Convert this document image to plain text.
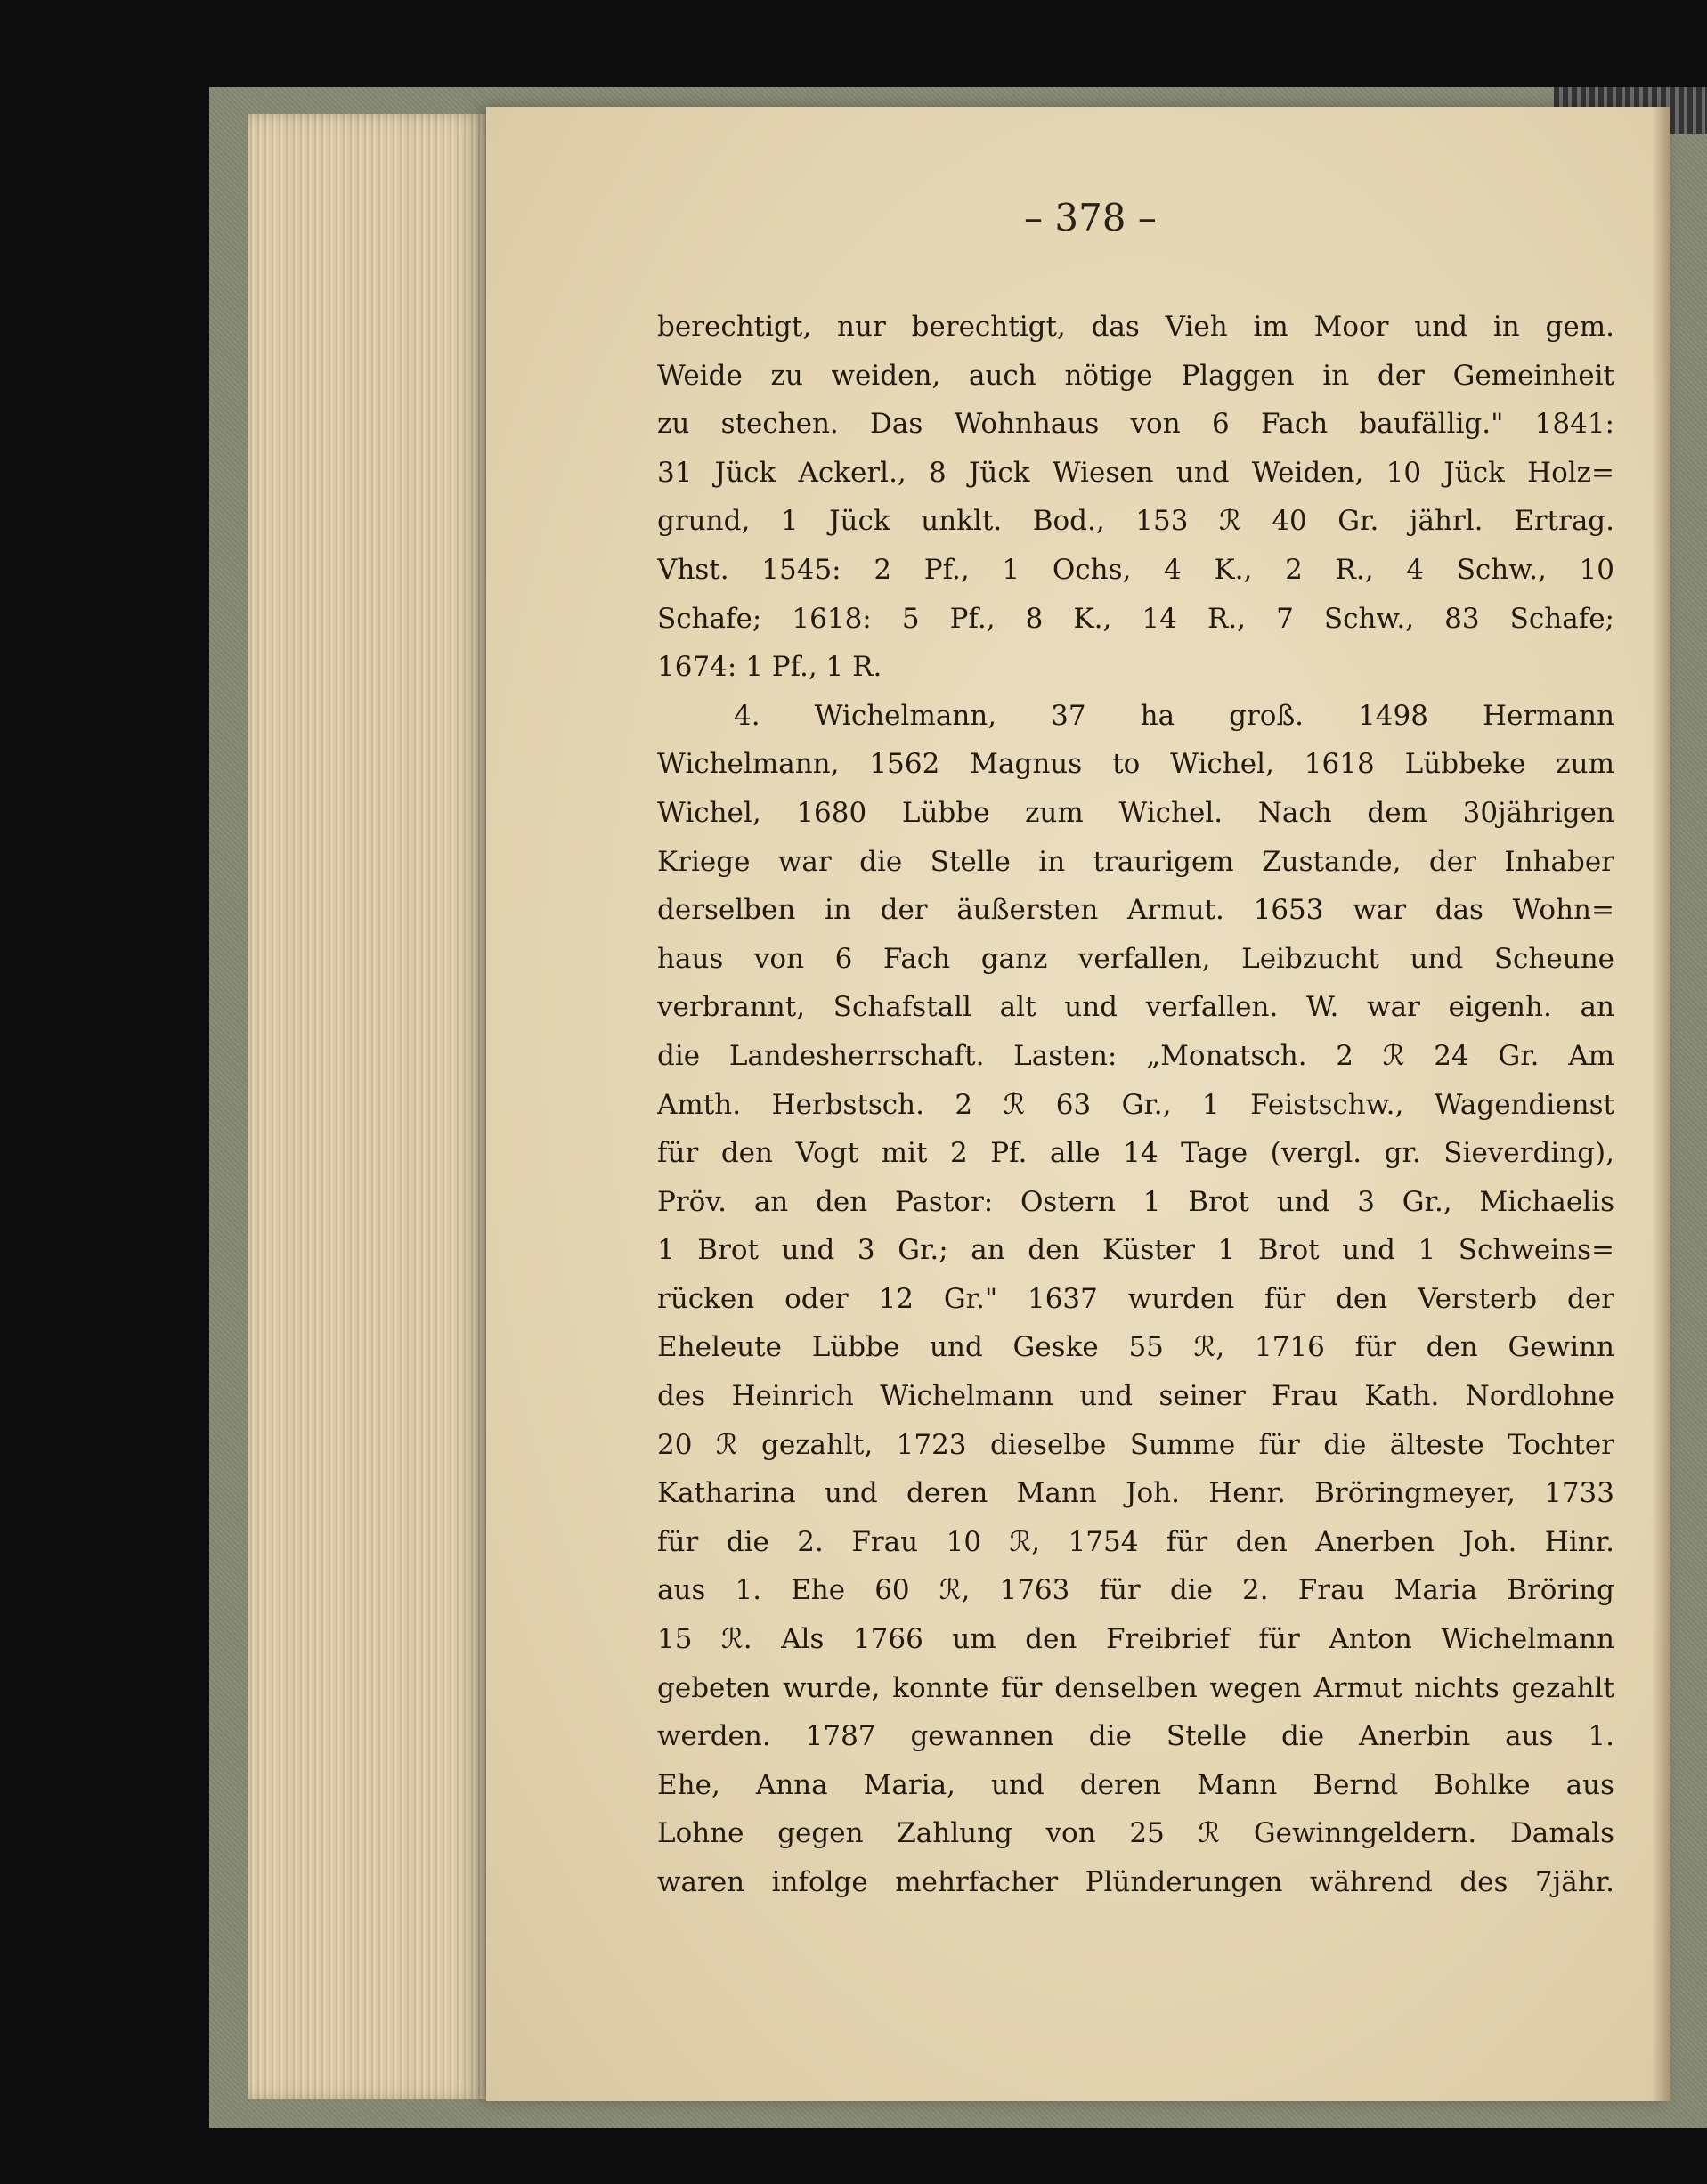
– 378 –
berechtigt, nur berechtigt, das Vieh im Moor und in gem.
Weide zu weiden, auch nötige Plaggen in der Gemeinheit
zu stechen. Das Wohnhaus von 6 Fach baufällig." 1841:
31 Jück Ackerl., 8 Jück Wiesen und Weiden, 10 Jück Holz=
grund, 1 Jück unklt. Bod., 153 ℛ 40 Gr. jährl. Ertrag.
Vhst. 1545: 2 Pf., 1 Ochs, 4 K., 2 R., 4 Schw., 10
Schafe; 1618: 5 Pf., 8 K., 14 R., 7 Schw., 83 Schafe;
1674: 1 Pf., 1 R.
4. Wichelmann, 37 ha groß. 1498 Hermann
Wichelmann, 1562 Magnus to Wichel, 1618 Lübbeke zum
Wichel, 1680 Lübbe zum Wichel. Nach dem 30jährigen
Kriege war die Stelle in traurigem Zustande, der Inhaber
derselben in der äußersten Armut. 1653 war das Wohn=
haus von 6 Fach ganz verfallen, Leibzucht und Scheune
verbrannt, Schafstall alt und verfallen. W. war eigenh. an
die Landesherrschaft. Lasten: „Monatsch. 2 ℛ 24 Gr. Am
Amth. Herbstsch. 2 ℛ 63 Gr., 1 Feistschw., Wagendienst
für den Vogt mit 2 Pf. alle 14 Tage (vergl. gr. Sieverding),
Pröv. an den Pastor: Ostern 1 Brot und 3 Gr., Michaelis
1 Brot und 3 Gr.; an den Küster 1 Brot und 1 Schweins=
rücken oder 12 Gr." 1637 wurden für den Versterb der
Eheleute Lübbe und Geske 55 ℛ, 1716 für den Gewinn
des Heinrich Wichelmann und seiner Frau Kath. Nordlohne
20 ℛ gezahlt, 1723 dieselbe Summe für die älteste Tochter
Katharina und deren Mann Joh. Henr. Bröringmeyer, 1733
für die 2. Frau 10 ℛ, 1754 für den Anerben Joh. Hinr.
aus 1. Ehe 60 ℛ, 1763 für die 2. Frau Maria Bröring
15 ℛ. Als 1766 um den Freibrief für Anton Wichelmann
gebeten wurde, konnte für denselben wegen Armut nichts gezahlt
werden. 1787 gewannen die Stelle die Anerbin aus 1.
Ehe, Anna Maria, und deren Mann Bernd Bohlke aus
Lohne gegen Zahlung von 25 ℛ Gewinngeldern. Damals
waren infolge mehrfacher Plünderungen während des 7jähr.
